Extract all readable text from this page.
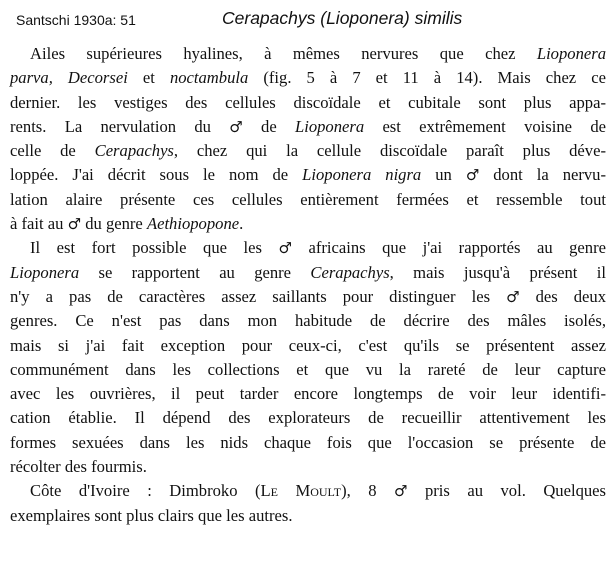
Santschi 1930a: 51	Cerapachys (Lioponera) similis
Ailes supérieures hyalines, à mêmes nervures que chez Lioponera
parva, Decorsei et noctambula (fig. 5 à 7 et 11 à 14). Mais chez ce
dernier. les vestiges des cellules discoïdale et cubitale sont plus appa-
rents. La nervulation du ♂ de Lioponera est extrêmement voisine de
celle de Cerapachys, chez qui la cellule discoïdale paraît plus déve-
loppée. J'ai décrit sous le nom de Lioponera nigra un ♂ dont la nervu-
lation alaire présente ces cellules entièrement fermées et ressemble tout
à fait au ♂ du genre Aethiopopone.
Il est fort possible que les ♂ africains que j'ai rapportés au genre
Lioponera se rapportent au genre Cerapachys, mais jusqu'à présent il
n'y a pas de caractères assez saillants pour distinguer les ♂ des deux
genres. Ce n'est pas dans mon habitude de décrire des mâles isolés,
mais si j'ai fait exception pour ceux-ci, c'est qu'ils se présentent assez
communément dans les collections et que vu la rareté de leur capture
avec les ouvrières, il peut tarder encore longtemps de voir leur identifi-
cation établie. Il dépend des explorateurs de recueillir attentivement les
formes sexuées dans les nids chaque fois que l'occasion se présente de
récolter des fourmis.
Côte d'Ivoire : Dimbroko (Le Moult), 8 ♂ pris au vol. Quelques
exemplaires sont plus clairs que les autres.
